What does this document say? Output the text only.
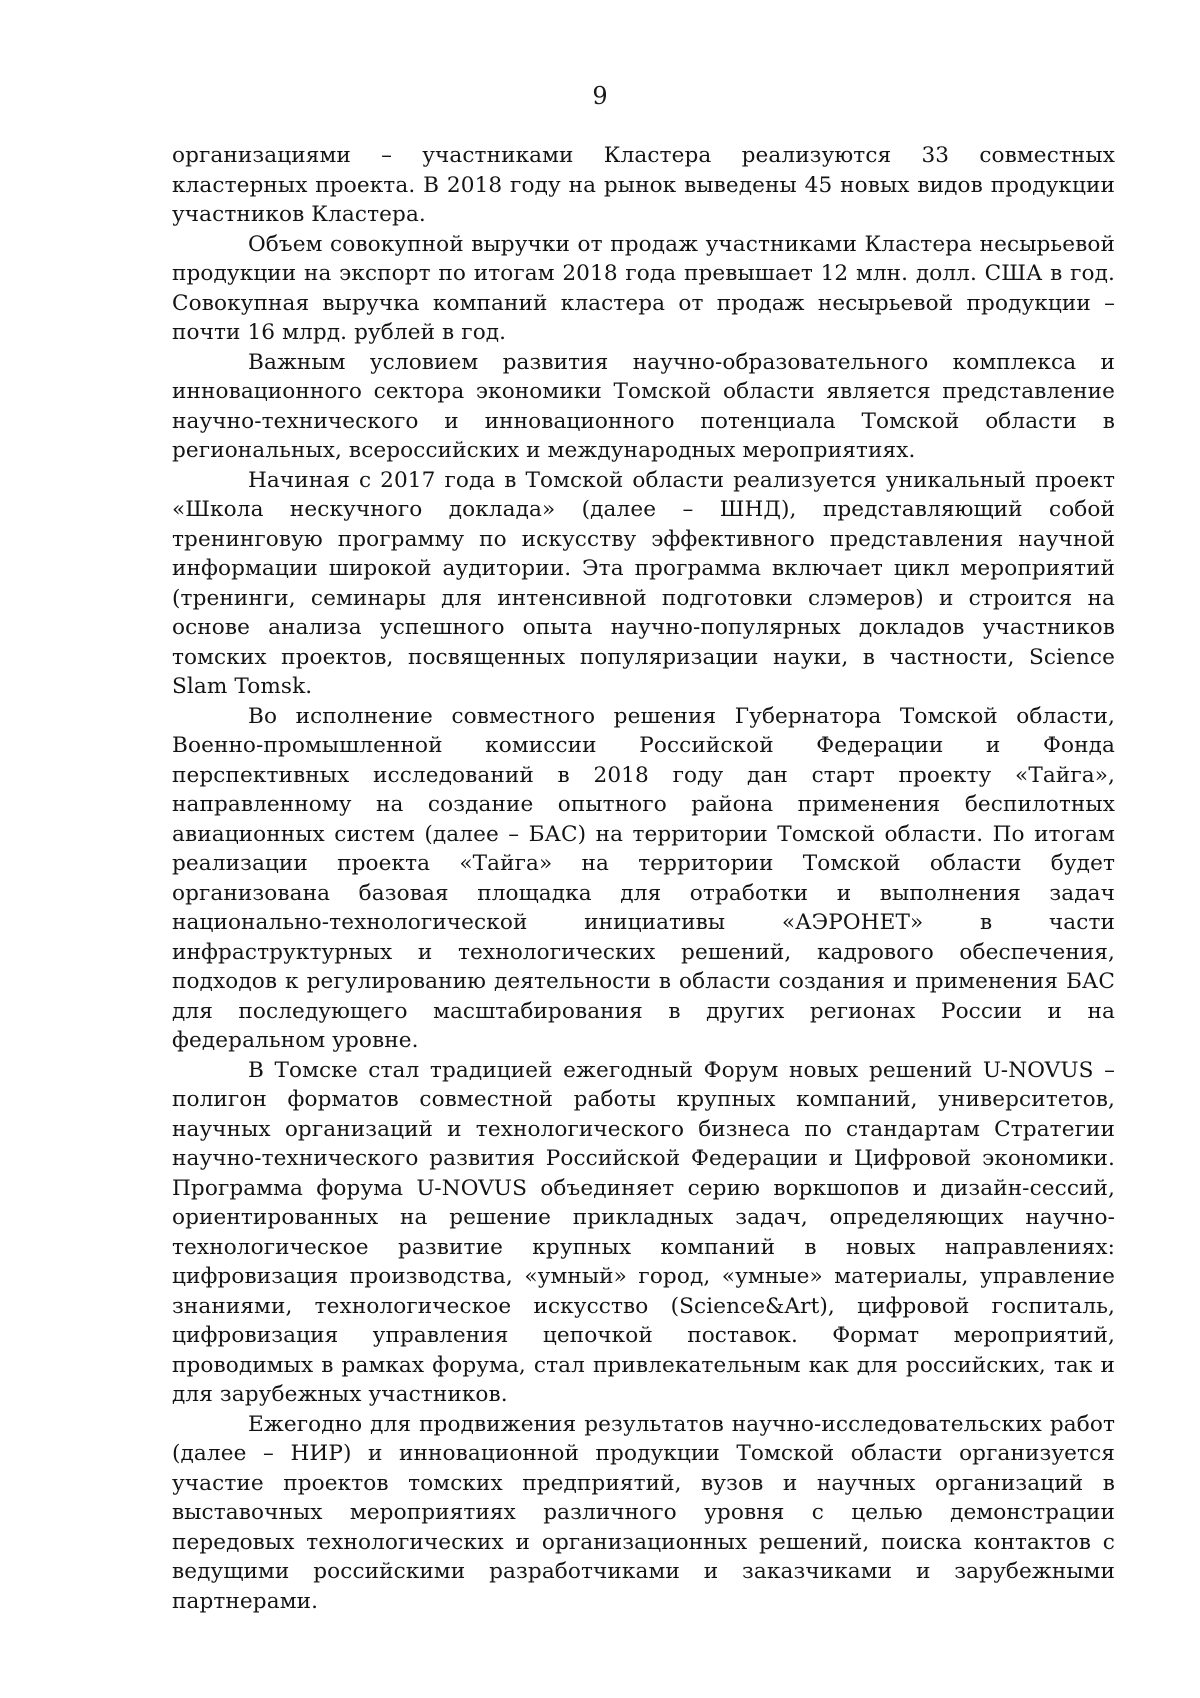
9

организациями – участниками Кластера реализуются 33 совместных кластерных проекта. В 2018 году на рынок выведены 45 новых видов продукции участников Кластера.

Объем совокупной выручки от продаж участниками Кластера несырьевой продукции на экспорт по итогам 2018 года превышает 12 млн. долл. США в год. Совокупная выручка компаний кластера от продаж несырьевой продукции – почти 16 млрд. рублей в год.

Важным условием развития научно-образовательного комплекса и инновационного сектора экономики Томской области является представление научно-технического и инновационного потенциала Томской области в региональных, всероссийских и международных мероприятиях.

Начиная с 2017 года в Томской области реализуется уникальный проект «Школа нескучного доклада» (далее – ШНД), представляющий собой тренинговую программу по искусству эффективного представления научной информации широкой аудитории. Эта программа включает цикл мероприятий (тренинги, семинары для интенсивной подготовки слэмеров) и строится на основе анализа успешного опыта научно-популярных докладов участников томских проектов, посвященных популяризации науки, в частности, Science Slam Tomsk.

Во исполнение совместного решения Губернатора Томской области, Военно-промышленной комиссии Российской Федерации и Фонда перспективных исследований в 2018 году дан старт проекту «Тайга», направленному на создание опытного района применения беспилотных авиационных систем (далее – БАС) на территории Томской области. По итогам реализации проекта «Тайга» на территории Томской области будет организована базовая площадка для отработки и выполнения задач национально-технологической инициативы «АЭРОНЕТ» в части инфраструктурных и технологических решений, кадрового обеспечения, подходов к регулированию деятельности в области создания и применения БАС для последующего масштабирования в других регионах России и на федеральном уровне.

В Томске стал традицией ежегодный Форум новых решений U-NOVUS – полигон форматов совместной работы крупных компаний, университетов, научных организаций и технологического бизнеса по стандартам Стратегии научно-технического развития Российской Федерации и Цифровой экономики. Программа форума U-NOVUS объединяет серию воркшопов и дизайн-сессий, ориентированных на решение прикладных задач, определяющих научно-технологическое развитие крупных компаний в новых направлениях: цифровизация производства, «умный» город, «умные» материалы, управление знаниями, технологическое искусство (Science&Art), цифровой госпиталь, цифровизация управления цепочкой поставок. Формат мероприятий, проводимых в рамках форума, стал привлекательным как для российских, так и для зарубежных участников.

Ежегодно для продвижения результатов научно-исследовательских работ (далее – НИР) и инновационной продукции Томской области организуется участие проектов томских предприятий, вузов и научных организаций в выставочных мероприятиях различного уровня с целью демонстрации передовых технологических и организационных решений, поиска контактов с ведущими российскими разработчиками и заказчиками и зарубежными партнерами.
